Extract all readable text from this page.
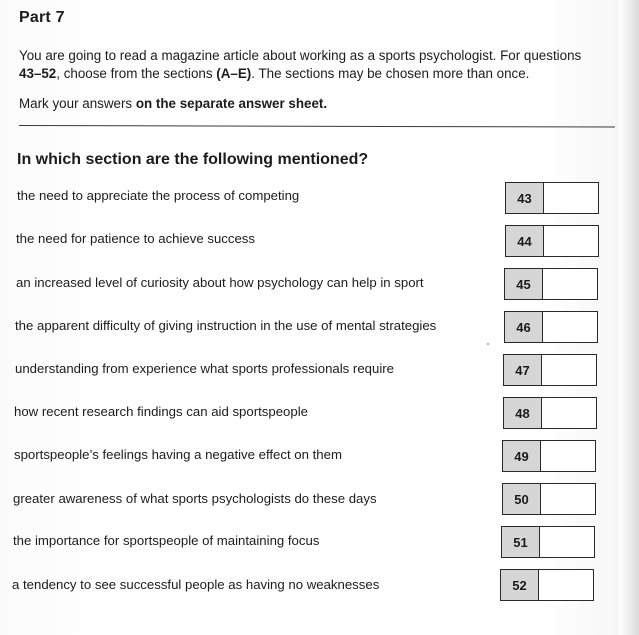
Part 7
You are going to read a magazine article about working as a sports psychologist. For questions
43–52, choose from the sections (A–E). The sections may be chosen more than once.
Mark your answers on the separate answer sheet.
In which section are the following mentioned?
the need to appreciate the process of competing	43
the need for patience to achieve success	44
an increased level of curiosity about how psychology can help in sport	45
the apparent difficulty of giving instruction in the use of mental strategies	46
understanding from experience what sports professionals require	47
how recent research findings can aid sportspeople	48
sportspeople’s feelings having a negative effect on them	49
greater awareness of what sports psychologists do these days	50
the importance for sportspeople of maintaining focus	51
a tendency to see successful people as having no weaknesses	52
